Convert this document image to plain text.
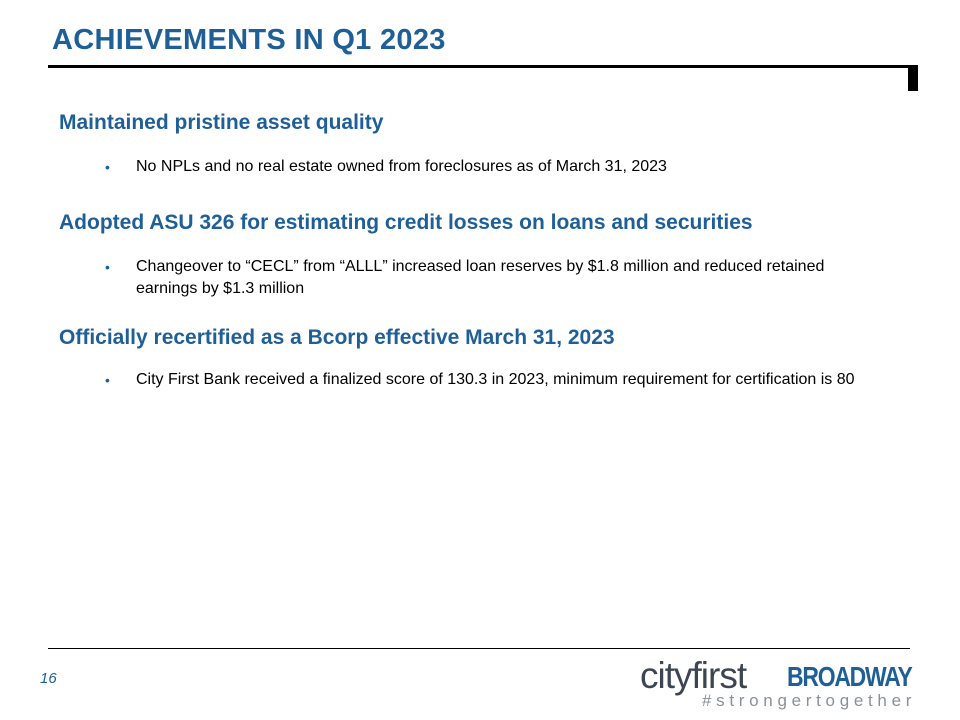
ACHIEVEMENTS IN Q1 2023
Maintained pristine asset quality
• No NPLs and no real estate owned from foreclosures as of March 31, 2023
Adopted ASU 326 for estimating credit losses on loans and securities
• Changeover to “CECL” from “ALLL” increased loan reserves by $1.8 million and reduced retained earnings by $1.3 million
Officially recertified as a Bcorp effective March 31, 2023
• City First Bank received a finalized score of 130.3 in 2023, minimum requirement for certification is 80
16	cityfirst BROADWAY
#strongertogether
